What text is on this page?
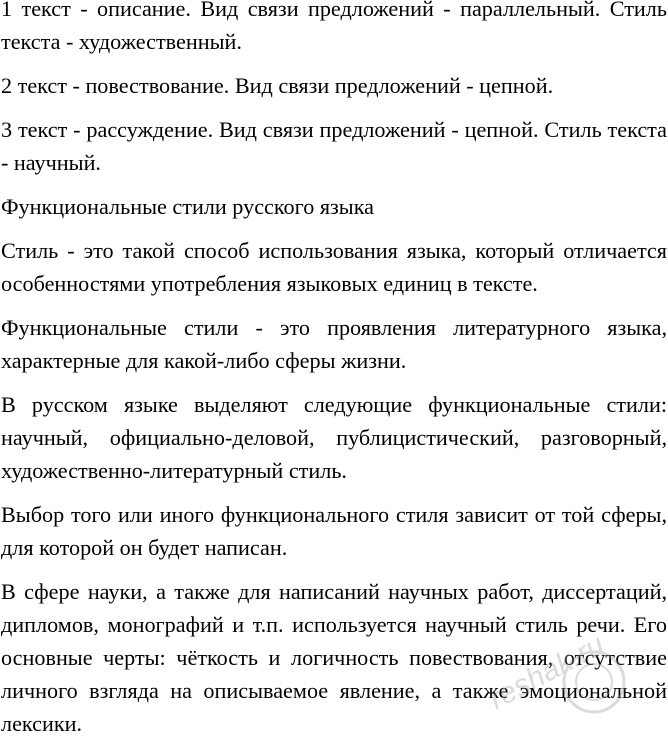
1 текст - описание. Вид связи предложений - параллельный. Стиль текста - художественный.

2 текст - повествование. Вид связи предложений - цепной.

3 текст - рассуждение. Вид связи предложений - цепной. Стиль текста - научный.

Функциональные стили русского языка

Стиль - это такой способ использования языка, который отличается особенностями употребления языковых единиц в тексте.

Функциональные стили - это проявления литературного языка, характерные для какой-либо сферы жизни.

В русском языке выделяют следующие функциональные стили: научный, официально-деловой, публицистический, разговорный, художественно-литературный стиль.

Выбор того или иного функционального стиля зависит от той сферы, для которой он будет написан.

В сфере науки, а также для написаний научных работ, диссертаций, дипломов, монографий и т.п. используется научный стиль речи. Его основные черты: чёткость и логичность повествования, отсутствие личного взгляда на описываемое явление, а также эмоциональной лексики.

reshak.ru
